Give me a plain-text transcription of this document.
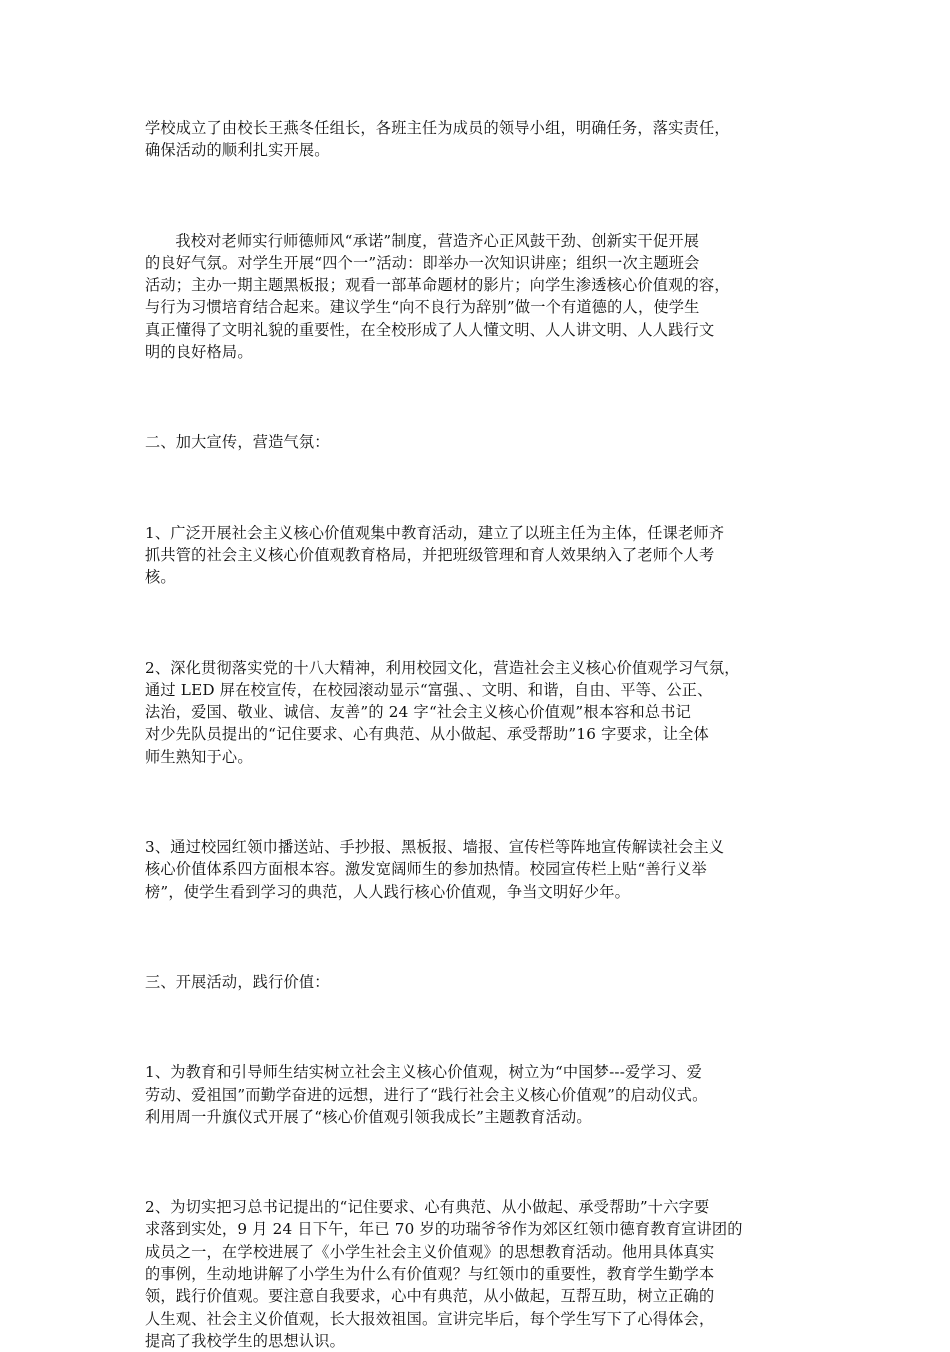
学校成立了由校长王燕冬任组长，各班主任为成员的领导小组，明确任务，落实责任，
确保活动的顺利扎实开展。

我校对老师实行师德师风“承诺”制度，营造齐心正风鼓干劲、创新实干促开展
的良好气氛。对学生开展“四个一”活动：即举办一次知识讲座；组织一次主题班会
活动；主办一期主题黑板报；观看一部革命题材的影片；向学生渗透核心价值观的容，
与行为习惯培育结合起来。建议学生“向不良行为辞别”做一个有道德的人，使学生
真正懂得了文明礼貌的重要性，在全校形成了人人懂文明、人人讲文明、人人践行文
明的良好格局。

二、加大宣传，营造气氛：

1、广泛开展社会主义核心价值观集中教育活动，建立了以班主任为主体，任课老师齐
抓共管的社会主义核心价值观教育格局，并把班级管理和育人效果纳入了老师个人考
核。

2、深化贯彻落实党的十八大精神，利用校园文化，营造社会主义核心价值观学习气氛，
通过 LED 屏在校宣传，在校园滚动显示“富强、、文明、和谐，自由、平等、公正、
法治，爱国、敬业、诚信、友善”的 24 字“社会主义核心价值观”根本容和总书记
对少先队员提出的“记住要求、心有典范、从小做起、承受帮助”16 字要求，让全体
师生熟知于心。

3、通过校园红领巾播送站、手抄报、黑板报、墙报、宣传栏等阵地宣传解读社会主义
核心价值体系四方面根本容。激发宽阔师生的参加热情。校园宣传栏上贴“善行义举
榜”，使学生看到学习的典范，人人践行核心价值观，争当文明好少年。

三、开展活动，践行价值：

1、为教育和引导师生结实树立社会主义核心价值观，树立为“中国梦---爱学习、爱
劳动、爱祖国”而勤学奋进的远想，进行了“践行社会主义核心价值观”的启动仪式。
利用周一升旗仪式开展了“核心价值观引领我成长”主题教育活动。

2、为切实把习总书记提出的“记住要求、心有典范、从小做起、承受帮助”十六字要
求落到实处，9 月 24 日下午，年已 70 岁的功瑞爷爷作为郊区红领巾德育教育宣讲团的
成员之一，在学校进展了《小学生社会主义价值观》的思想教育活动。他用具体真实
的事例，生动地讲解了小学生为什么有价值观？与红领巾的重要性，教育学生勤学本
领，践行价值观。要注意自我要求，心中有典范，从小做起，互帮互助，树立正确的
人生观、社会主义价值观，长大报效祖国。宣讲完毕后，每个学生写下了心得体会，
提高了我校学生的思想认识。
